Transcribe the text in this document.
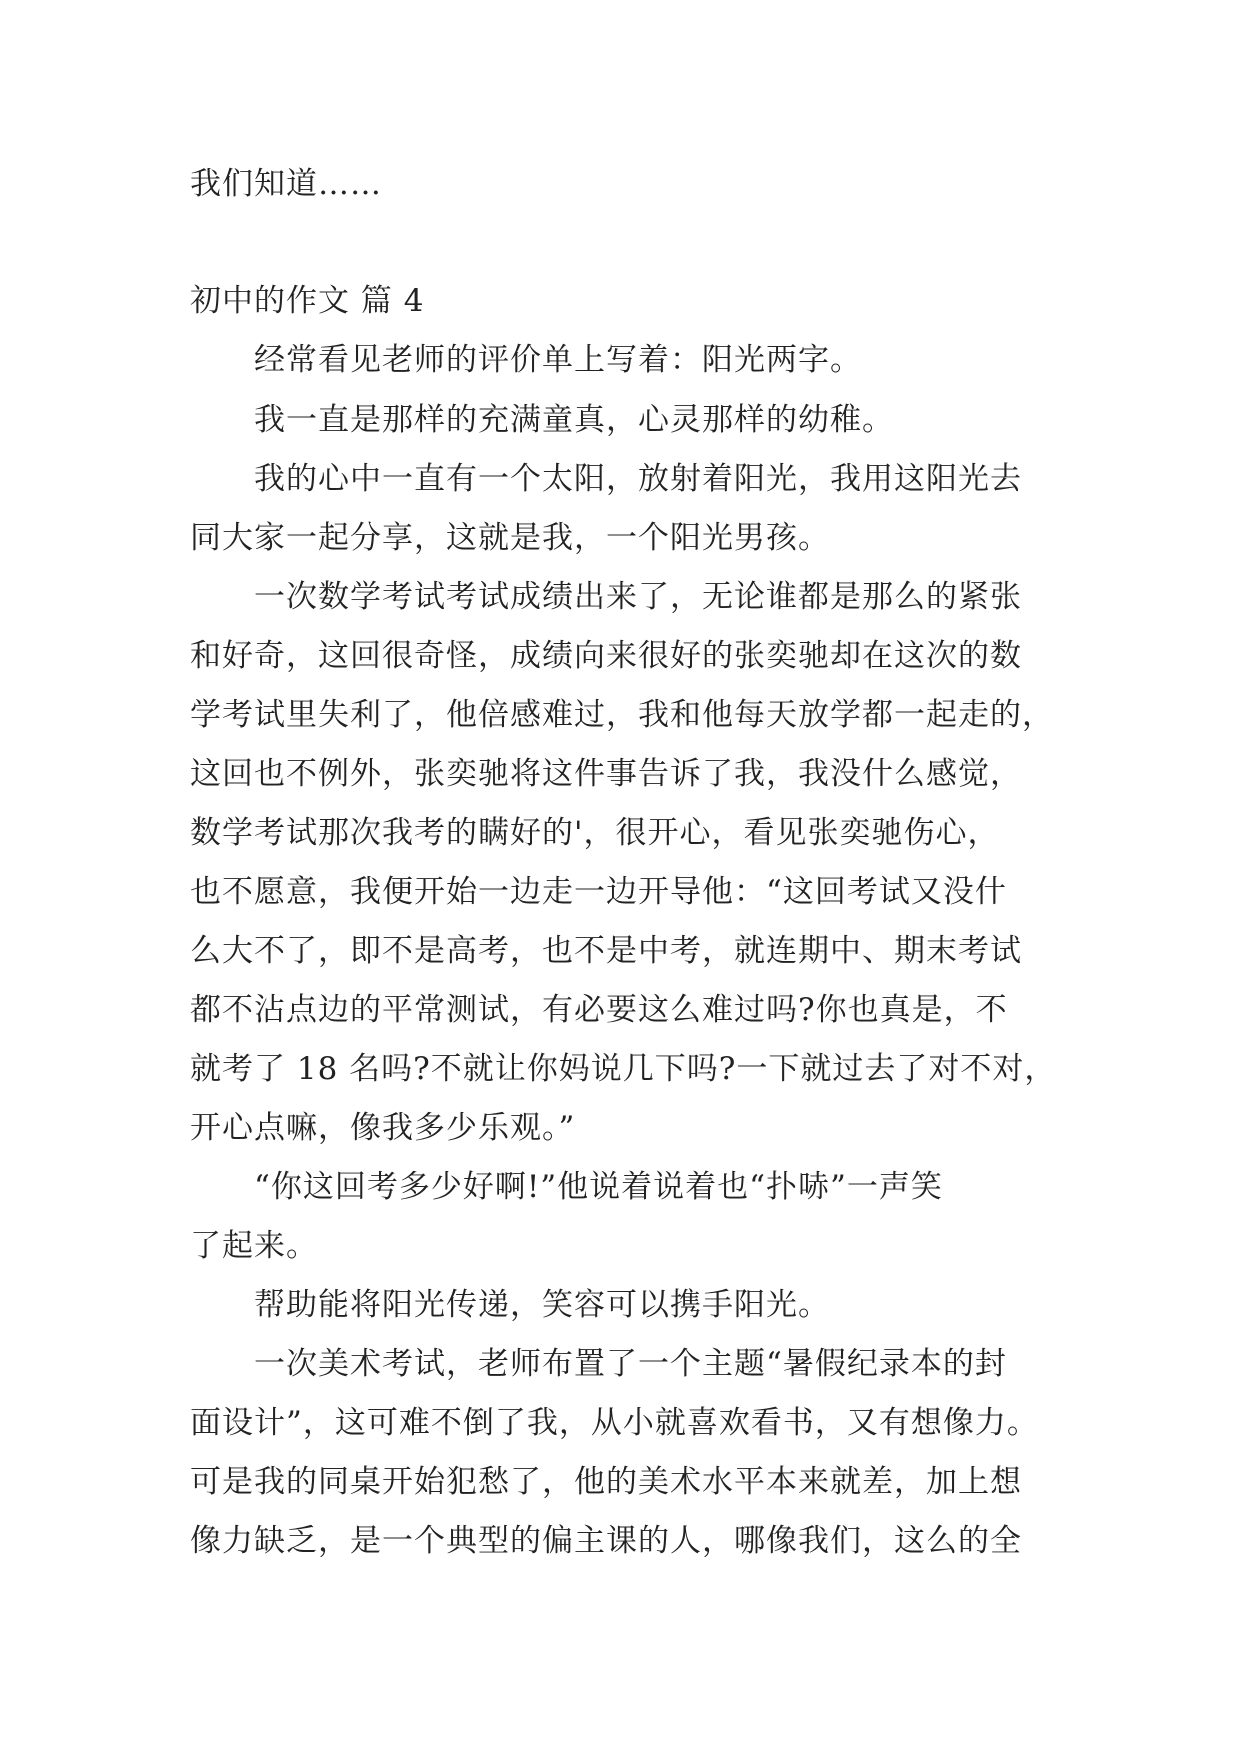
我们知道……
初中的作文 篇 4
经常看见老师的评价单上写着：阳光两字。
我一直是那样的充满童真，心灵那样的幼稚。
我的心中一直有一个太阳，放射着阳光，我用这阳光去
同大家一起分享，这就是我，一个阳光男孩。
一次数学考试考试成绩出来了，无论谁都是那么的紧张
和好奇，这回很奇怪，成绩向来很好的张奕驰却在这次的数
学考试里失利了，他倍感难过，我和他每天放学都一起走的，
这回也不例外，张奕驰将这件事告诉了我，我没什么感觉，
数学考试那次我考的瞒好的'，很开心，看见张奕驰伤心，
也不愿意，我便开始一边走一边开导他：“这回考试又没什
么大不了，即不是高考，也不是中考，就连期中、期末考试
都不沾点边的平常测试，有必要这么难过吗?你也真是，不
就考了 18 名吗?不就让你妈说几下吗?一下就过去了对不对，
开心点嘛，像我多少乐观。”
“你这回考多少好啊!”他说着说着也“扑哧”一声笑
了起来。
帮助能将阳光传递，笑容可以携手阳光。
一次美术考试，老师布置了一个主题“暑假纪录本的封
面设计”，这可难不倒了我，从小就喜欢看书，又有想像力。
可是我的同桌开始犯愁了，他的美术水平本来就差，加上想
像力缺乏，是一个典型的偏主课的人，哪像我们，这么的全
